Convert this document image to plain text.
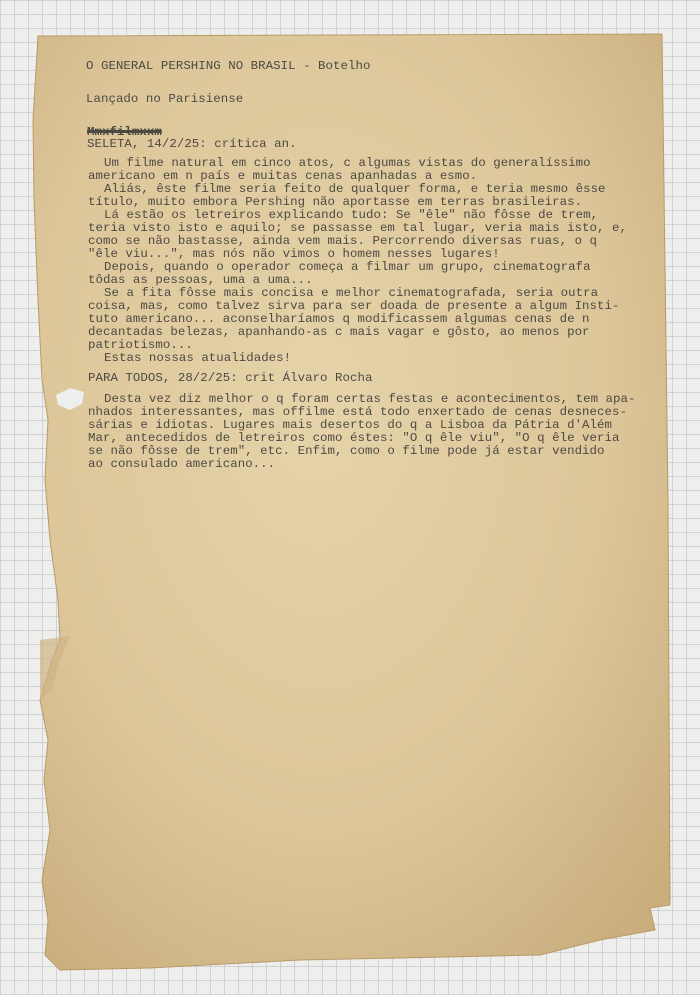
O GENERAL PERSHING NO BRASIL - Botelho
Lançado no Parisiense
Mmxfilmxxm
SELETA, 14/2/25: crítica an.
Um filme natural em cinco atos, c algumas vistas do generalíssimo
americano em n país e muitas cenas apanhadas a esmo.
Aliás, êste filme seria feito de qualquer forma, e teria mesmo êsse
título, muito embora Pershing não aportasse em terras brasileiras.
Lá estão os letreiros explicando tudo: Se "êle" não fôsse de trem,
teria visto isto e aquilo; se passasse em tal lugar, veria mais isto, e,
como se não bastasse, ainda vem mais. Percorrendo diversas ruas, o q
"êle viu...", mas nós não vimos o homem nesses lugares!
Depois, quando o operador começa a filmar um grupo, cinematografa
tôdas as pessoas, uma a uma...
Se a fita fôsse mais concisa e melhor cinematografada, seria outra
coisa, mas, como talvez sirva para ser doada de presente a algum Insti-
tuto americano... aconselharíamos q modificassem algumas cenas de n
decantadas belezas, apanhando-as c mais vagar e gôsto, ao menos por
patriotismo...
Estas nossas atualidades!
PARA TODOS, 28/2/25: crit Álvaro Rocha
Desta vez diz melhor o q foram certas festas e acontecimentos, tem apa-
nhados interessantes, mas offilme está todo enxertado de cenas desneces-
sárias e idiotas. Lugares mais desertos do q a Lisboa da Pátria d'Além
Mar, antecedidos de letreiros como éstes: "O q êle viu", "O q êle veria
se não fôsse de trem", etc. Enfim, como o filme pode já estar vendido
ao consulado americano...
